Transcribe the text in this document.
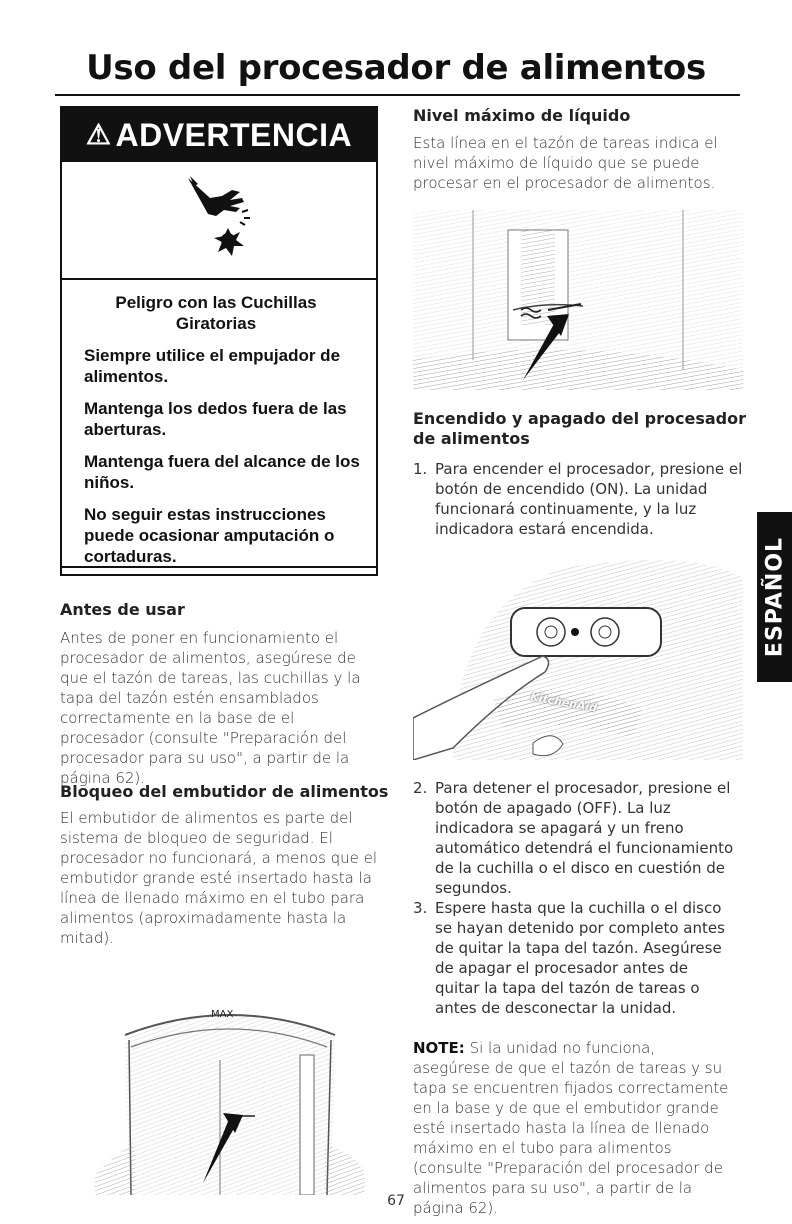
Uso del procesador de alimentos
⚠ ADVERTENCIA
Peligro con las Cuchillas
Giratorias
Siempre utilice el empujador de alimentos.
Mantenga los dedos fuera de las aberturas.
Mantenga fuera del alcance de los niños.
No seguir estas instrucciones puede ocasionar amputación o cortaduras.
Antes de usar
Antes de poner en funcionamiento el procesador de alimentos, asegúrese de que el tazón de tareas, las cuchillas y la tapa del tazón estén ensamblados correctamente en la base de el procesador (consulte "Preparación del procesador para su uso", a partir de la página 62).
Bloqueo del embutidor de alimentos
El embutidor de alimentos es parte del sistema de bloqueo de seguridad. El procesador no funcionará, a menos que el embutidor grande esté insertado hasta la línea de llenado máximo en el tubo para alimentos (aproximadamente hasta la mitad).
MAX
Nivel máximo de líquido
Esta línea en el tazón de tareas indica el nivel máximo de líquido que se puede procesar en el procesador de alimentos.
Encendido y apagado del procesador
de alimentos
1. Para encender el procesador, presione el botón de encendido (ON). La unidad funcionará continuamente, y la luz indicadora estará encendida.
KitchenAid
2. Para detener el procesador, presione el botón de apagado (OFF). La luz indicadora se apagará y un freno automático detendrá el funcionamiento de la cuchilla o el disco en cuestión de segundos.
3. Espere hasta que la cuchilla o el disco se hayan detenido por completo antes de quitar la tapa del tazón. Asegúrese de apagar el procesador antes de quitar la tapa del tazón de tareas o antes de desconectar la unidad.
NOTE: Si la unidad no funciona, asegúrese de que el tazón de tareas y su tapa se encuentren fijados correctamente en la base y de que el embutidor grande esté insertado hasta la línea de llenado máximo en el tubo para alimentos (consulte "Preparación del procesador de alimentos para su uso", a partir de la página 62).
ESPAÑOL
67
